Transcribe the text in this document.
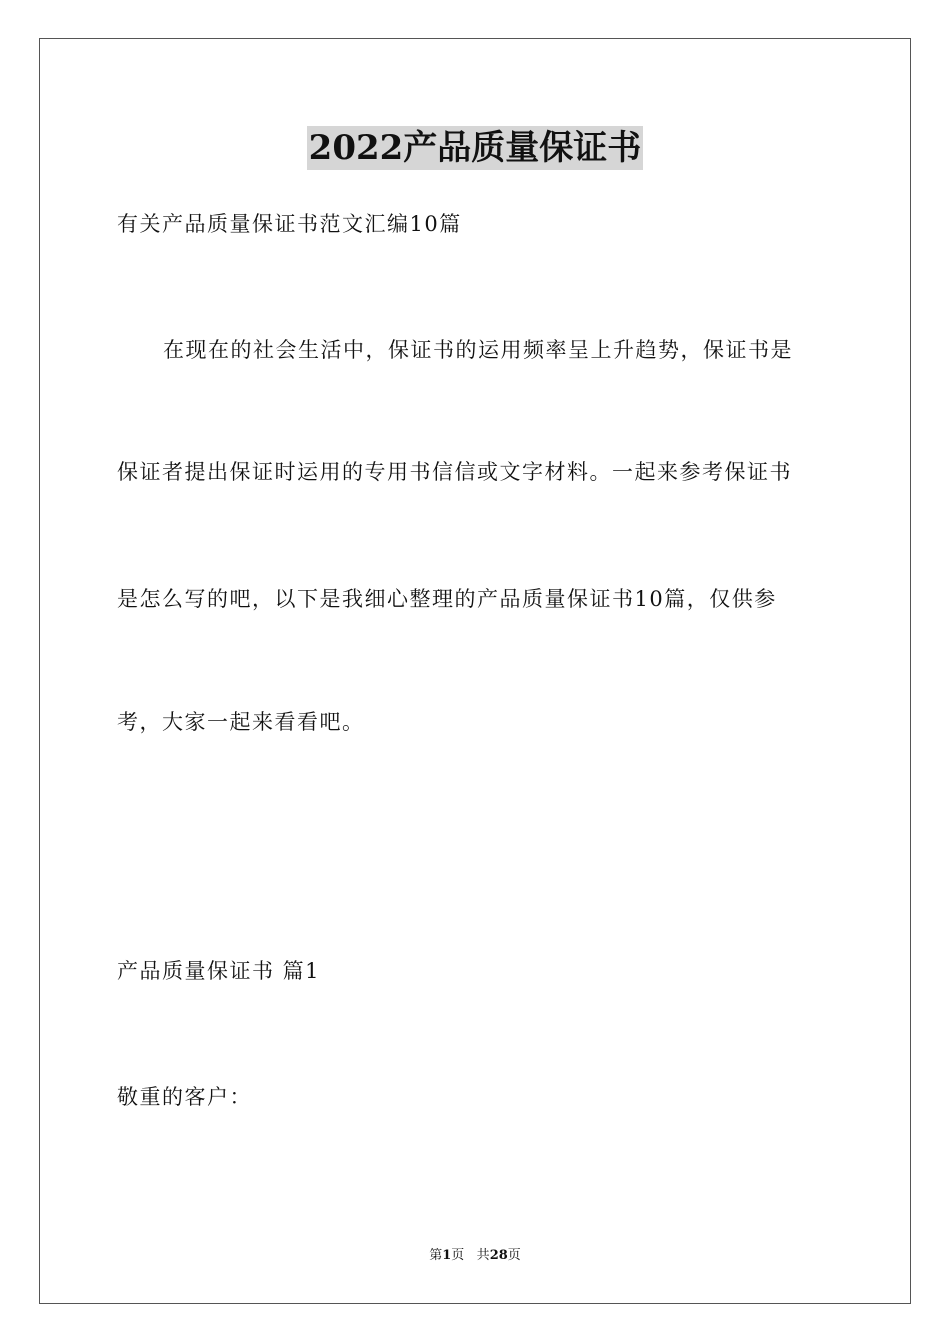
2022产品质量保证书
有关产品质量保证书范文汇编10篇
在现在的社会生活中，保证书的运用频率呈上升趋势，保证书是
保证者提出保证时运用的专用书信信或文字材料。一起来参考保证书
是怎么写的吧，以下是我细心整理的产品质量保证书10篇，仅供参
考，大家一起来看看吧。
产品质量保证书 篇1
敬重的客户：
第1页 共28页
